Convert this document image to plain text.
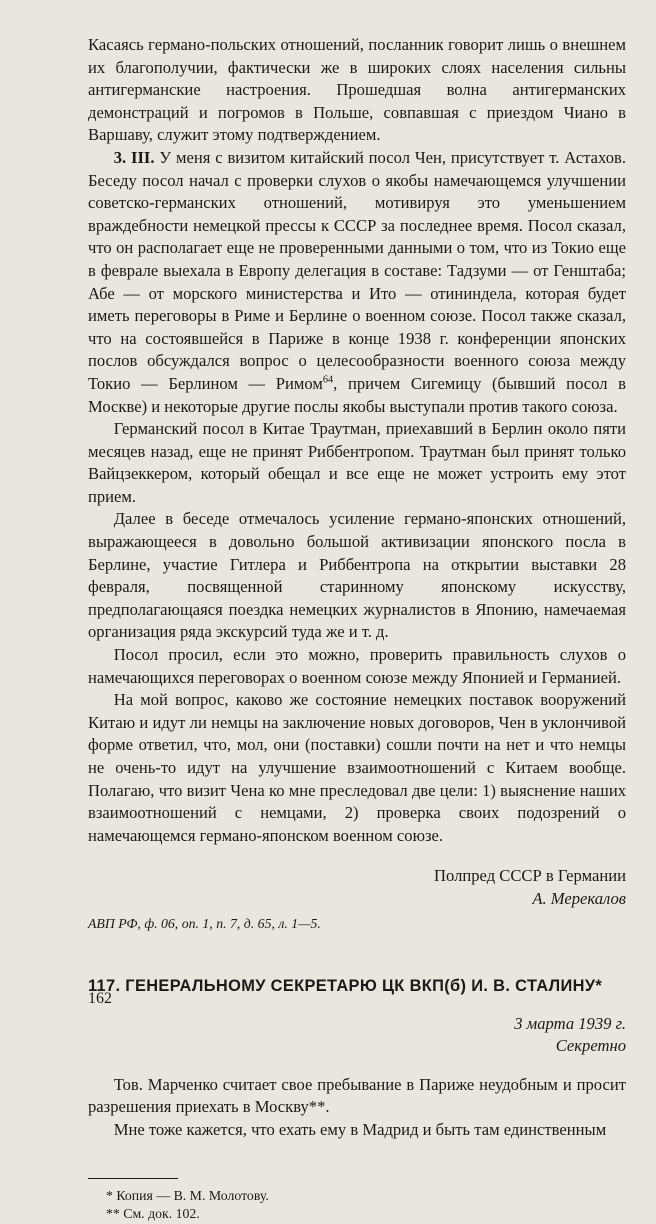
Касаясь германо-польских отношений, посланник говорит лишь о внешнем их благополучии, фактически же в широких слоях населения сильны антигерманские настроения. Прошедшая волна антигерманских демонстраций и погромов в Польше, совпавшая с приездом Чиано в Варшаву, служит этому подтверждением.

3. III. У меня с визитом китайский посол Чен, присутствует т. Астахов. Беседу посол начал с проверки слухов о якобы намечающемся улучшении советско-германских отношений, мотивируя это уменьшением враждебности немецкой прессы к СССР за последнее время. Посол сказал, что он располагает еще не проверенными данными о том, что из Токио еще в феврале выехала в Европу делегация в составе: Тадзуми — от Генштаба; Абе — от морского министерства и Ито — отининдела, которая будет иметь переговоры в Риме и Берлине о военном союзе. Посол также сказал, что на состоявшейся в Париже в конце 1938 г. конференции японских послов обсуждался вопрос о целесообразности военного союза между Токио — Берлином — Римом$^{64}$, причем Сигемицу (бывший посол в Москве) и некоторые другие послы якобы выступали против такого союза.

Германский посол в Китае Траутман, приехавший в Берлин около пяти месяцев назад, еще не принят Риббентропом. Траутман был принят только Вайцзеккером, который обещал и все еще не может устроить ему этот прием.

Далее в беседе отмечалось усиление германо-японских отношений, выражающееся в довольно большой активизации японского посла в Берлине, участие Гитлера и Риббентропа на открытии выставки 28 февраля, посвященной старинному японскому искусству, предполагающаяся поездка немецких журналистов в Японию, намечаемая организация ряда экскурсий туда же и т. д.

Посол просил, если это можно, проверить правильность слухов о намечающихся переговорах о военном союзе между Японией и Германией.

На мой вопрос, каково же состояние немецких поставок вооружений Китаю и идут ли немцы на заключение новых договоров, Чен в уклончивой форме ответил, что, мол, они (поставки) сошли почти на нет и что немцы не очень-то идут на улучшение взаимоотношений с Китаем вообще. Полагаю, что визит Чена ко мне преследовал две цели: 1) выяснение наших взаимоотношений с немцами, 2) проверка своих подозрений о намечающемся германо-японском военном союзе.

Полпред СССР в Германии
А. Мерекалов
АВП РФ, ф. 06, оп. 1, п. 7, д. 65, л. 1—5.
117. ГЕНЕРАЛЬНОМУ СЕКРЕТАРЮ ЦК ВКП(б) И. В. СТАЛИНУ*
3 марта 1939 г.
Секретно

Тов. Марченко считает свое пребывание в Париже неудобным и просит разрешения приехать в Москву**.

Мне тоже кажется, что ехать ему в Мадрид и быть там единственным

* Копия — В. М. Молотову.
** См. док. 102.
162
